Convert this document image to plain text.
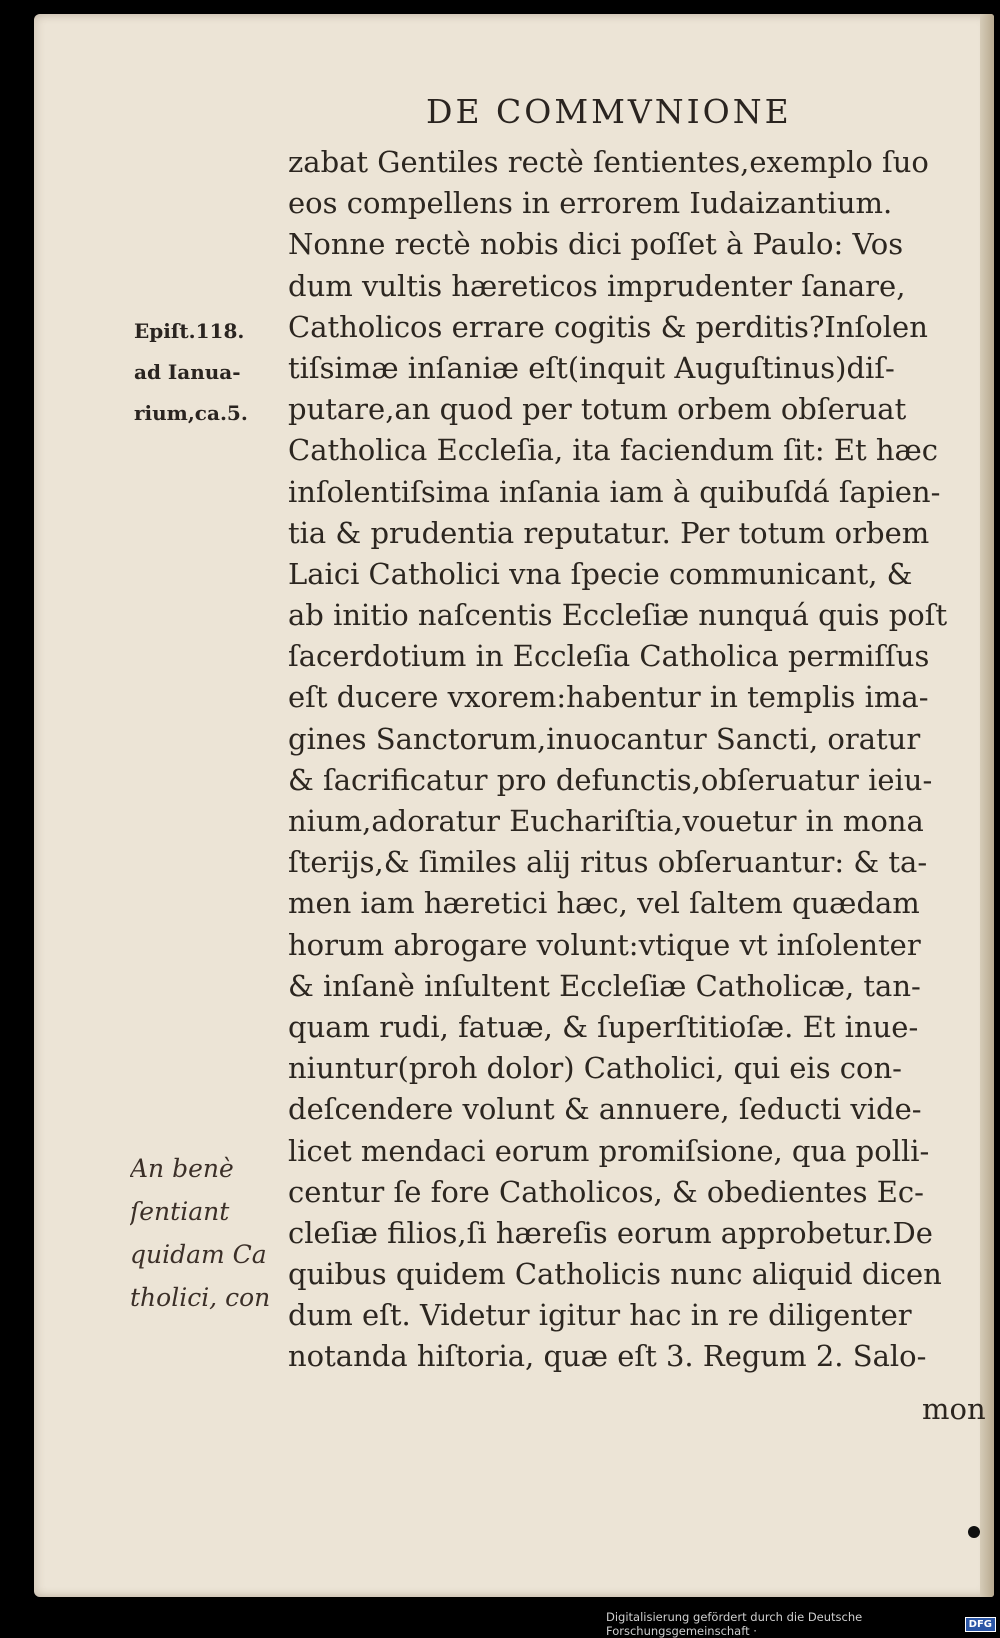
DE COMMVNIONE
zabat Gentiles rectè ſentientes,exemplo ſuo
eos compellens in errorem Iudaizantium.
Nonne rectè nobis dici poſſet à Paulo: Vos
dum vultis hæreticos imprudenter ſanare,
Catholicos errare cogitis & perditis?Inſolen
tiſsimæ inſaniæ eſt(inquit Auguſtinus)diſ-
putare,an quod per totum orbem obſeruat
Catholica Eccleſia, ita faciendum ſit: Et hæc
inſolentiſsima inſania iam à quibuſdá ſapien-
tia & prudentia reputatur. Per totum orbem
Laici Catholici vna ſpecie communicant, &
ab initio naſcentis Eccleſiæ nunquá quis poſt
ſacerdotium in Eccleſia Catholica permiſſus
eſt ducere vxorem:habentur in templis ima-
gines Sanctorum,inuocantur Sancti, oratur
& ſacrificatur pro defunctis,obſeruatur ieiu-
nium,adoratur Euchariſtia,vouetur in mona
ſterijs,& ſimiles alij ritus obſeruantur: & ta-
men iam hæretici hæc, vel ſaltem quædam
horum abrogare volunt:vtique vt inſolenter
& inſanè inſultent Eccleſiæ Catholicæ, tan-
quam rudi, fatuæ, & ſuperſtitioſæ. Et inue-
niuntur(proh dolor) Catholici, qui eis con-
deſcendere volunt & annuere, ſeducti vide-
licet mendaci eorum promiſsione, qua polli-
centur ſe fore Catholicos, & obedientes Ec-
cleſiæ filios,ſi hæreſis eorum approbetur.De
quibus quidem Catholicis nunc aliquid dicen
dum eſt. Videtur igitur hac in re diligenter
notanda hiſtoria, quæ eſt 3. Regum 2. Salo-
Epiſt.118.
ad Ianua-
rium,ca.5.
An benè
ſentiant
quidam Ca
tholici, con
mon
Digitalisierung gefördert durch die Deutsche Forschungsgemeinschaft ·	DFG
